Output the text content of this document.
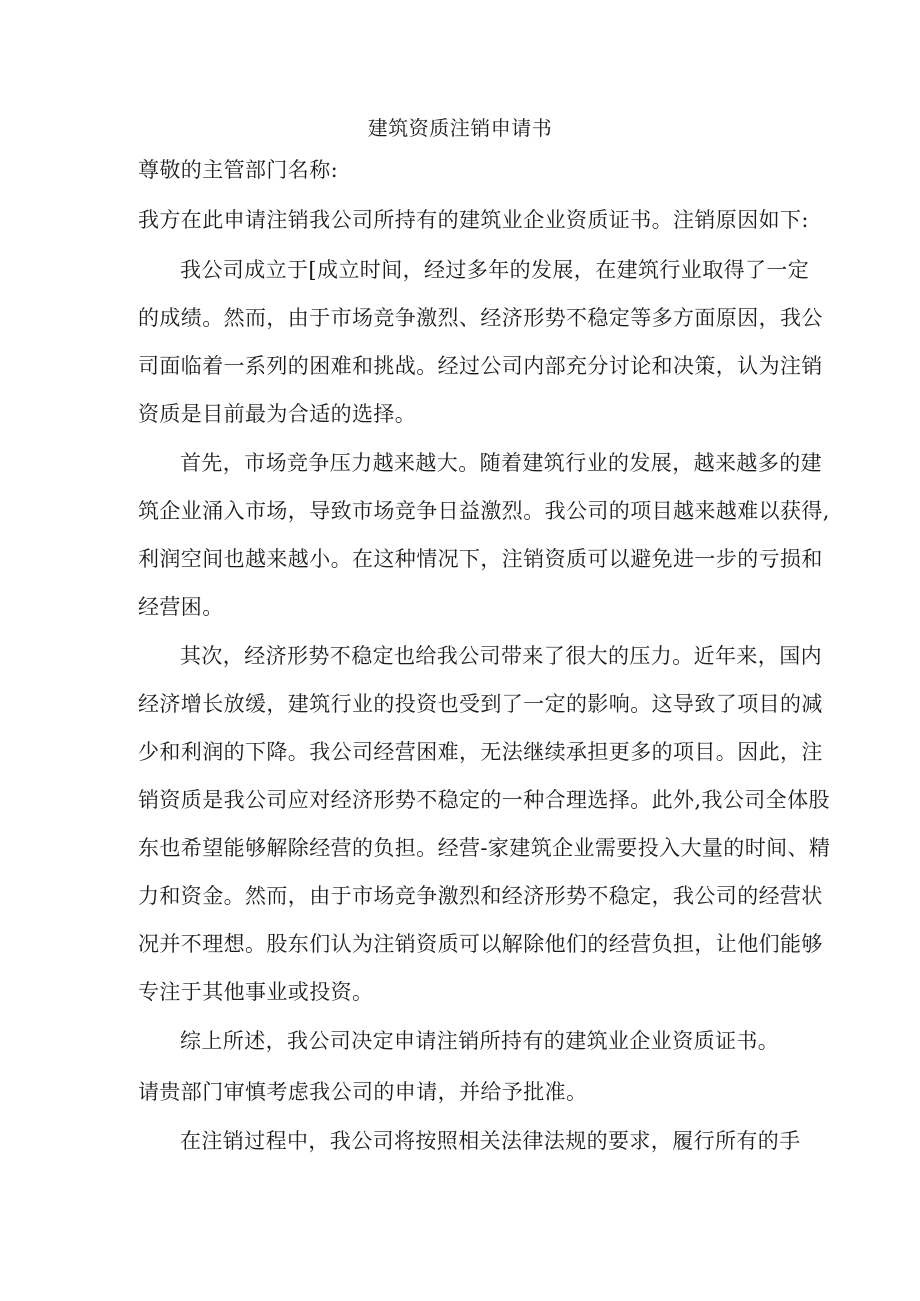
建筑资质注销申请书
尊敬的主管部门名称:
我方在此申请注销我公司所持有的建筑业企业资质证书。注销原因如下:
我公司成立于[成立时间，经过多年的发展，在建筑行业取得了一定
的成绩。然而，由于市场竞争激烈、经济形势不稳定等多方面原因，我公
司面临着一系列的困难和挑战。经过公司内部充分讨论和决策，认为注销
资质是目前最为合适的选择。
首先，市场竞争压力越来越大。随着建筑行业的发展，越来越多的建
筑企业涌入市场，导致市场竞争日益激烈。我公司的项目越来越难以获得,
利润空间也越来越小。在这种情况下，注销资质可以避免进一步的亏损和
经营困。
其次，经济形势不稳定也给我公司带来了很大的压力。近年来，国内
经济增长放缓，建筑行业的投资也受到了一定的影响。这导致了项目的减
少和利润的下降。我公司经营困难，无法继续承担更多的项目。因此，注
销资质是我公司应对经济形势不稳定的一种合理选择。此外,我公司全体股
东也希望能够解除经营的负担。经营-家建筑企业需要投入大量的时间、精
力和资金。然而，由于市场竞争激烈和经济形势不稳定，我公司的经营状
况并不理想。股东们认为注销资质可以解除他们的经营负担，让他们能够
专注于其他事业或投资。
综上所述，我公司决定申请注销所持有的建筑业企业资质证书。
请贵部门审慎考虑我公司的申请，并给予批准。
在注销过程中，我公司将按照相关法律法规的要求，履行所有的手
